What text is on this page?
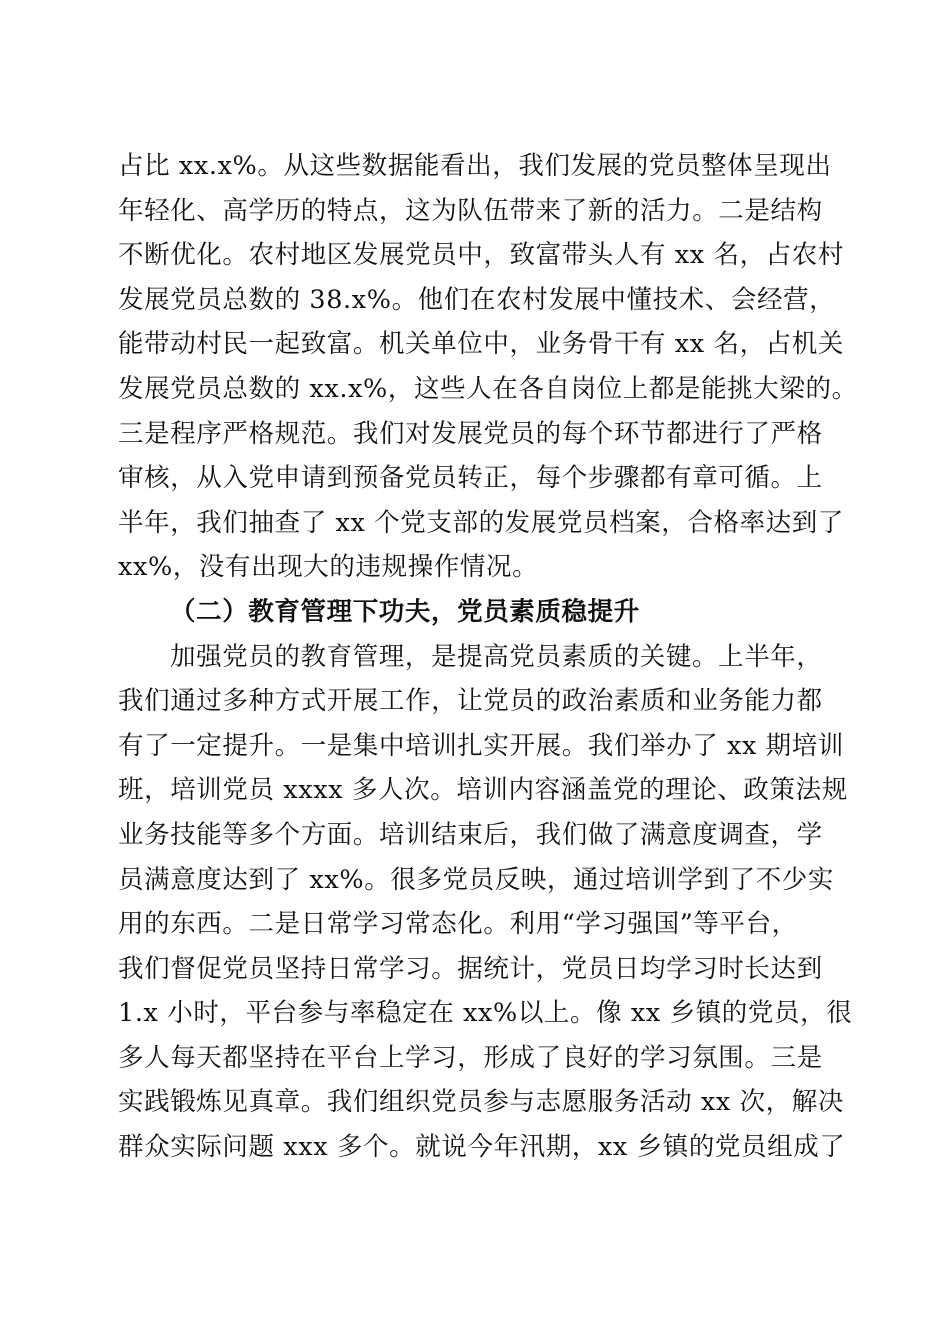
占比 xx.x%。从这些数据能看出，我们发展的党员整体呈现出
年轻化、高学历的特点，这为队伍带来了新的活力。二是结构
不断优化。农村地区发展党员中，致富带头人有 xx 名，占农村
发展党员总数的 38.x%。他们在农村发展中懂技术、会经营，
能带动村民一起致富。机关单位中，业务骨干有 xx 名，占机关
发展党员总数的 xx.x%，这些人在各自岗位上都是能挑大梁的。
三是程序严格规范。我们对发展党员的每个环节都进行了严格
审核，从入党申请到预备党员转正，每个步骤都有章可循。上
半年，我们抽查了 xx 个党支部的发展党员档案，合格率达到了
xx%，没有出现大的违规操作情况。
（二）教育管理下功夫，党员素质稳提升
加强党员的教育管理，是提高党员素质的关键。上半年，
我们通过多种方式开展工作，让党员的政治素质和业务能力都
有了一定提升。一是集中培训扎实开展。我们举办了 xx 期培训
班，培训党员 xxxx 多人次。培训内容涵盖党的理论、政策法规
业务技能等多个方面。培训结束后，我们做了满意度调查，学
员满意度达到了 xx%。很多党员反映，通过培训学到了不少实
用的东西。二是日常学习常态化。利用“学习强国”等平台，
我们督促党员坚持日常学习。据统计，党员日均学习时长达到
1.x 小时，平台参与率稳定在 xx%以上。像 xx 乡镇的党员，很
多人每天都坚持在平台上学习，形成了良好的学习氛围。三是
实践锻炼见真章。我们组织党员参与志愿服务活动 xx 次，解决
群众实际问题 xxx 多个。就说今年汛期，xx 乡镇的党员组成了
